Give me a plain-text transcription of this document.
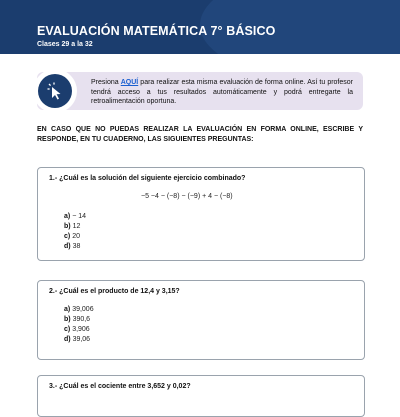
EVALUACIÓN MATEMÁTICA 7° BÁSICO
Clases 29 a la 32
Presiona AQUÍ para realizar esta misma evaluación de forma online. Así tu profesor tendrá acceso a tus resultados automáticamente y podrá entregarte la retroalimentación oportuna.
EN CASO QUE NO PUEDAS REALIZAR LA EVALUACIÓN EN FORMA ONLINE, ESCRIBE Y RESPONDE, EN TU CUADERNO, LAS SIGUIENTES PREGUNTAS:
1.- ¿Cuál es la solución del siguiente ejercicio combinado?
−5 −4 − (−8) − (−9) + 4 − (−8)
a) − 14
b) 12
c) 20
d) 38
2.- ¿Cuál es el producto de 12,4 y 3,15?
a) 39,006
b) 390,6
c) 3,906
d) 39,06
3.- ¿Cuál es el cociente entre 3,652 y 0,02?
